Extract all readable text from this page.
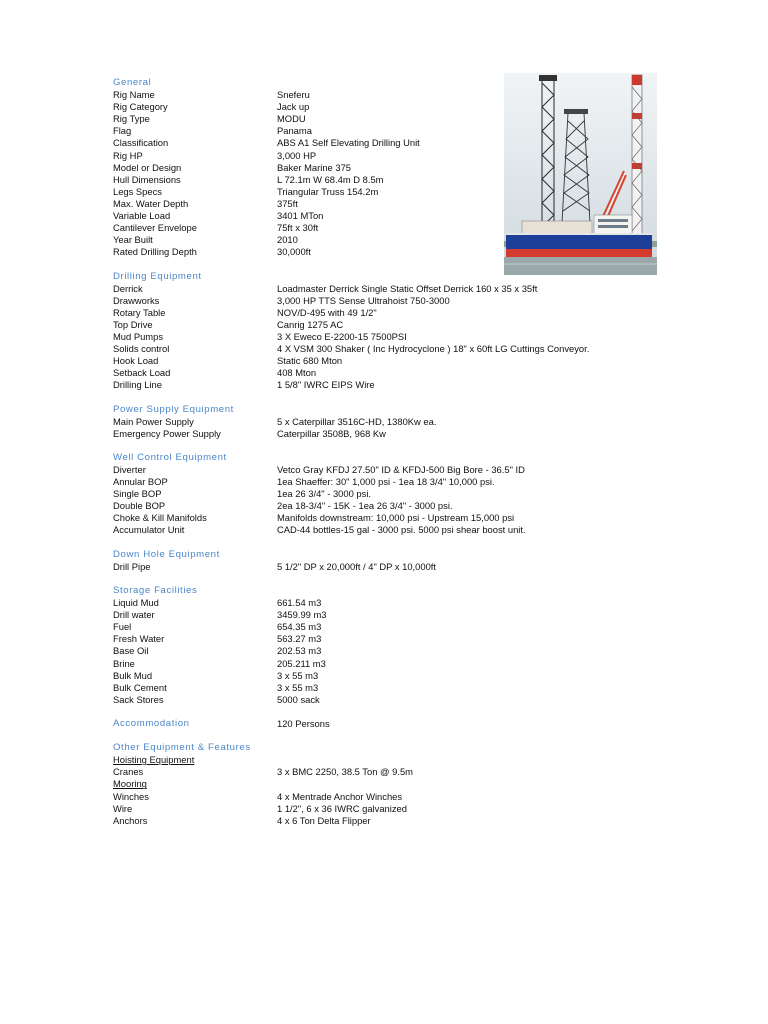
General
Rig Name	Sneferu
Rig Category	Jack up
Rig Type	MODU
Flag	Panama
Classification	ABS A1 Self Elevating Drilling Unit
Rig HP	3,000 HP
Model or Design	Baker Marine 375
Hull Dimensions	L 72.1m W 68.4m D 8.5m
Legs Specs	Triangular Truss 154.2m
Max. Water Depth	375ft
Variable Load	3401 MTon
Cantilever Envelope	75ft x 30ft
Year Built	2010
Rated Drilling Depth	30,000ft
Drilling Equipment
Derrick	Loadmaster Derrick Single Static Offset Derrick 160 x 35 x 35ft
Drawworks	3,000 HP TTS Sense Ultrahoist 750-3000
Rotary Table	NOV/D-495 with 49 1/2"
Top Drive	Canrig 1275 AC
Mud Pumps	3 X Eweco E-2200-15 7500PSI
Solids control	4 X VSM 300 Shaker ( Inc Hydrocyclone ) 18" x 60ft LG Cuttings Conveyor.
Hook Load	Static 680 Mton
Setback Load	408 Mton
Drilling Line	1 5/8" IWRC EIPS Wire
Power Supply Equipment
Main Power Supply	5 x Caterpillar 3516C-HD, 1380Kw ea.
Emergency Power Supply	Caterpillar 3508B, 968 Kw
Well Control Equipment
Diverter	Vetco Gray KFDJ 27.50" ID & KFDJ-500 Big Bore - 36.5" ID
Annular BOP	1ea Shaeffer: 30" 1,000 psi - 1ea 18 3/4" 10,000 psi.
Single BOP	1ea 26 3/4" - 3000 psi.
Double BOP	2ea 18-3/4" - 15K - 1ea 26 3/4" - 3000 psi.
Choke & Kill Manifolds	Manifolds downstream: 10,000 psi - Upstream 15,000 psi
Accumulator Unit	CAD-44 bottles-15 gal - 3000 psi. 5000 psi shear boost unit.
Down Hole Equipment
Drill Pipe	5 1/2" DP x 20,000ft / 4" DP x 10,000ft
Storage Facilities
Liquid Mud	661.54 m3
Drill water	3459.99 m3
Fuel	654.35 m3
Fresh Water	563.27 m3
Base Oil	202.53 m3
Brine	205.211 m3
Bulk Mud	3 x 55 m3
Bulk Cement	3 x 55 m3
Sack Stores	5000 sack
Accommodation	120 Persons
Other Equipment & Features
Hoisting Equipment
Cranes	3 x BMC 2250, 38.5 Ton @ 9.5m
Mooring
Winches	4 x Mentrade Anchor Winches
Wire	1 1/2", 6 x 36 IWRC galvanized
Anchors	4 x 6 Ton Delta Flipper
